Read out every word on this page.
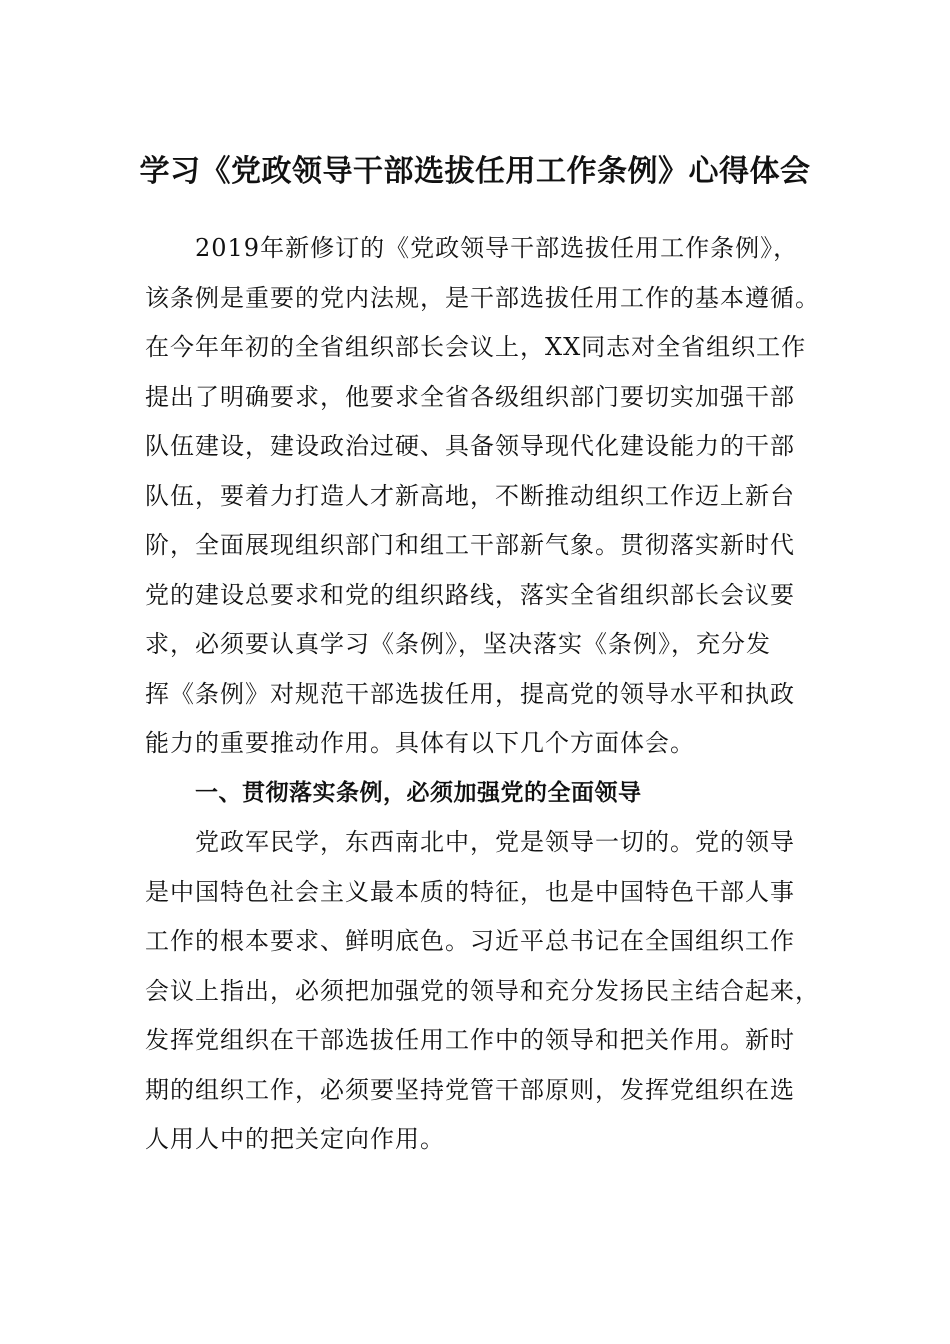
学习《党政领导干部选拔任用工作条例》心得体会
2019年新修订的《党政领导干部选拔任用工作条例》，
该条例是重要的党内法规，是干部选拔任用工作的基本遵循。
在今年年初的全省组织部长会议上，XX同志对全省组织工作
提出了明确要求，他要求全省各级组织部门要切实加强干部
队伍建设，建设政治过硬、具备领导现代化建设能力的干部
队伍，要着力打造人才新高地，不断推动组织工作迈上新台
阶，全面展现组织部门和组工干部新气象。贯彻落实新时代
党的建设总要求和党的组织路线，落实全省组织部长会议要
求，必须要认真学习《条例》，坚决落实《条例》，充分发
挥《条例》对规范干部选拔任用，提高党的领导水平和执政
能力的重要推动作用。具体有以下几个方面体会。
一、贯彻落实条例，必须加强党的全面领导
党政军民学，东西南北中，党是领导一切的。党的领导
是中国特色社会主义最本质的特征，也是中国特色干部人事
工作的根本要求、鲜明底色。习近平总书记在全国组织工作
会议上指出，必须把加强党的领导和充分发扬民主结合起来，
发挥党组织在干部选拔任用工作中的领导和把关作用。新时
期的组织工作，必须要坚持党管干部原则，发挥党组织在选
人用人中的把关定向作用。
